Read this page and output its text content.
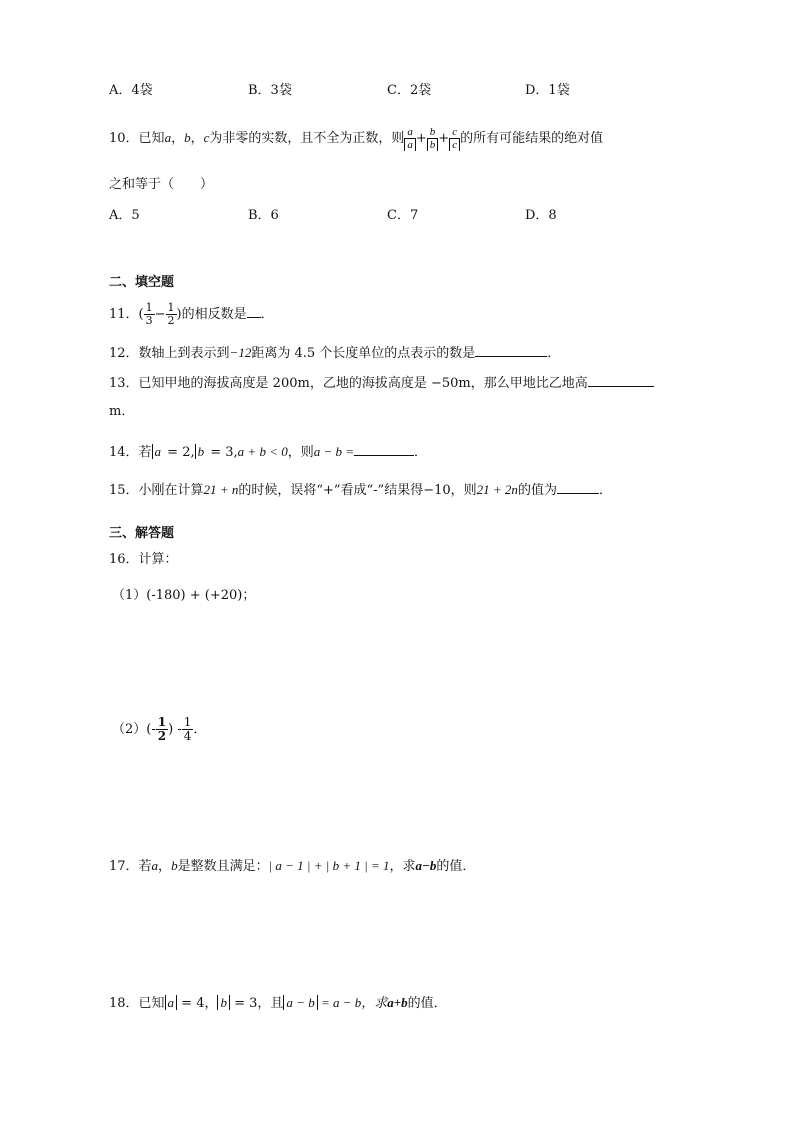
A．4袋	B．3袋	C．2袋	D．1袋
10．已知a，b，c为非零的实数，且不全为正数，则 $\frac{a}{a} + \frac{b}{b} + \frac{c}{c}$ 的所有可能结果的绝对值
之和等于（　　）
A．5	B．6	C．7	D．8
二、填空题
11．( $\frac{1}{3} - \frac{1}{2}$ )的相反数是 ．
12．数轴上到表示到−12距离为 4.5 个长度单位的点表示的数是	．
13．已知甲地的海拔高度是 200m，乙地的海拔高度是 −50m，那么甲地比乙地高
m．
14．若 a = 2, b = 3,a + b < 0，则a − b =	．
15．小刚在计算21 + n的时候，误将“+”看成“-”结果得−10，则21 + 2n的值为	．
三、解答题
16．计算：
（1）(-180) + (+20)；
$(2)(- \frac{1}{2}$ ) - $\frac{1}{4}$ ．
17．若a，b是整数且满足：| a − 1 | + | b + 1 | = 1，求a−b的值．
18．已知 a = 4， b = 3，且 a − b = a − b，求a+b的值．
